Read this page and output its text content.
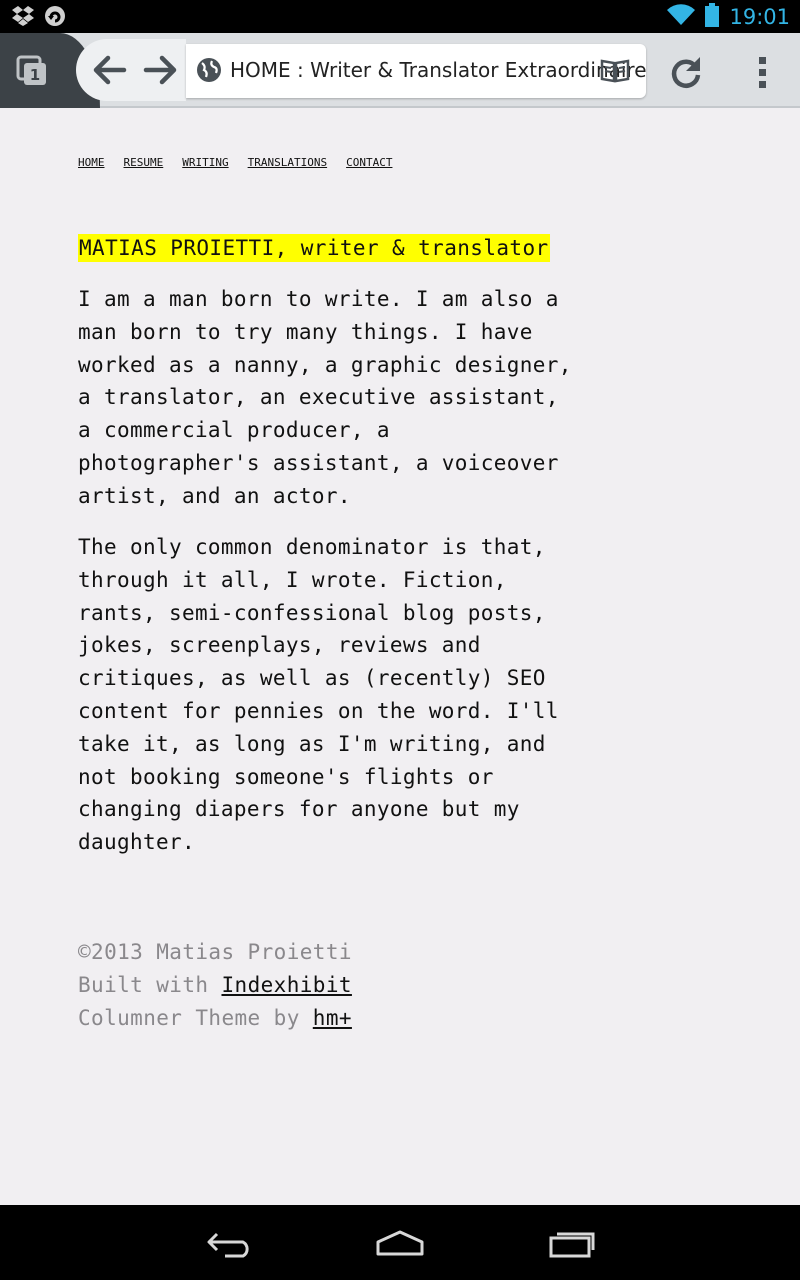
19:01
1	HOME : Writer & Translator Extraordinaire
HOME RESUME WRITING TRANSLATIONS CONTACT
MATIAS PROIETTI, writer & translator

I am a man born to write. I am also a man born to try many things. I have worked as a nanny, a graphic designer, a translator, an executive assistant, a commercial producer, a photographer's assistant, a voiceover artist, and an actor.

The only common denominator is that, through it all, I wrote. Fiction, rants, semi-confessional blog posts, jokes, screenplays, reviews and critiques, as well as (recently) SEO content for pennies on the word. I'll take it, as long as I'm writing, and not booking someone's flights or changing diapers for anyone but my daughter.

©2013 Matias Proietti
Built with Indexhibit
Columner Theme by hm+
